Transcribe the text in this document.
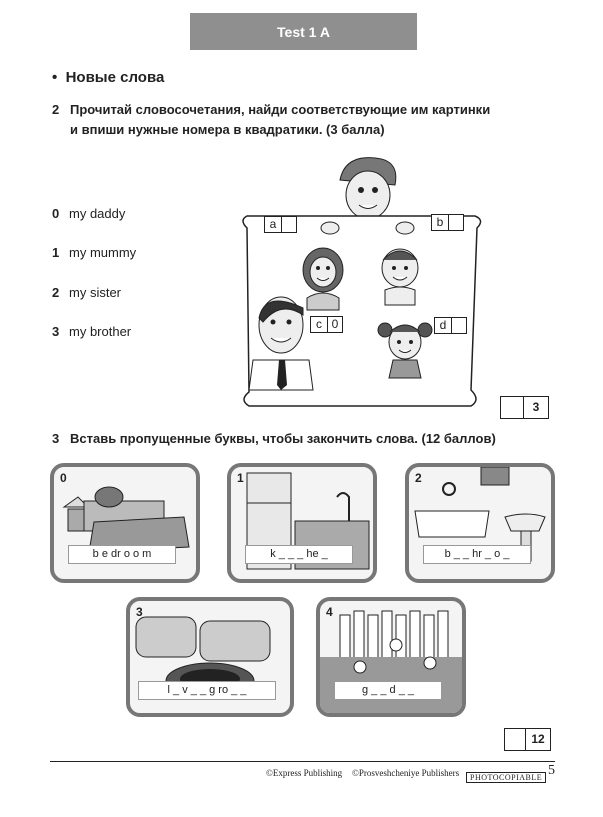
Test 1 A
•  Новые слова
2 Прочитай словосочетания, найди соответствующие им картинки
и впиши нужные номера в квадратики. (3 балла)
0 my daddy
1 my mummy
2 my sister
3 my brother
a	b
c 0	d
3
3 Вставь пропущенные буквы, чтобы закончить слова. (12 баллов)
0
b e dr o o m
1
k _ _ _ he _
2
b _ _ hr _ o _
3
l _ v _ _ g ro _ _
4
g _ _ d _ _
12
©Express Publishing ©Prosveshcheniye Publishers	PHOTOCOPIABLE 5
